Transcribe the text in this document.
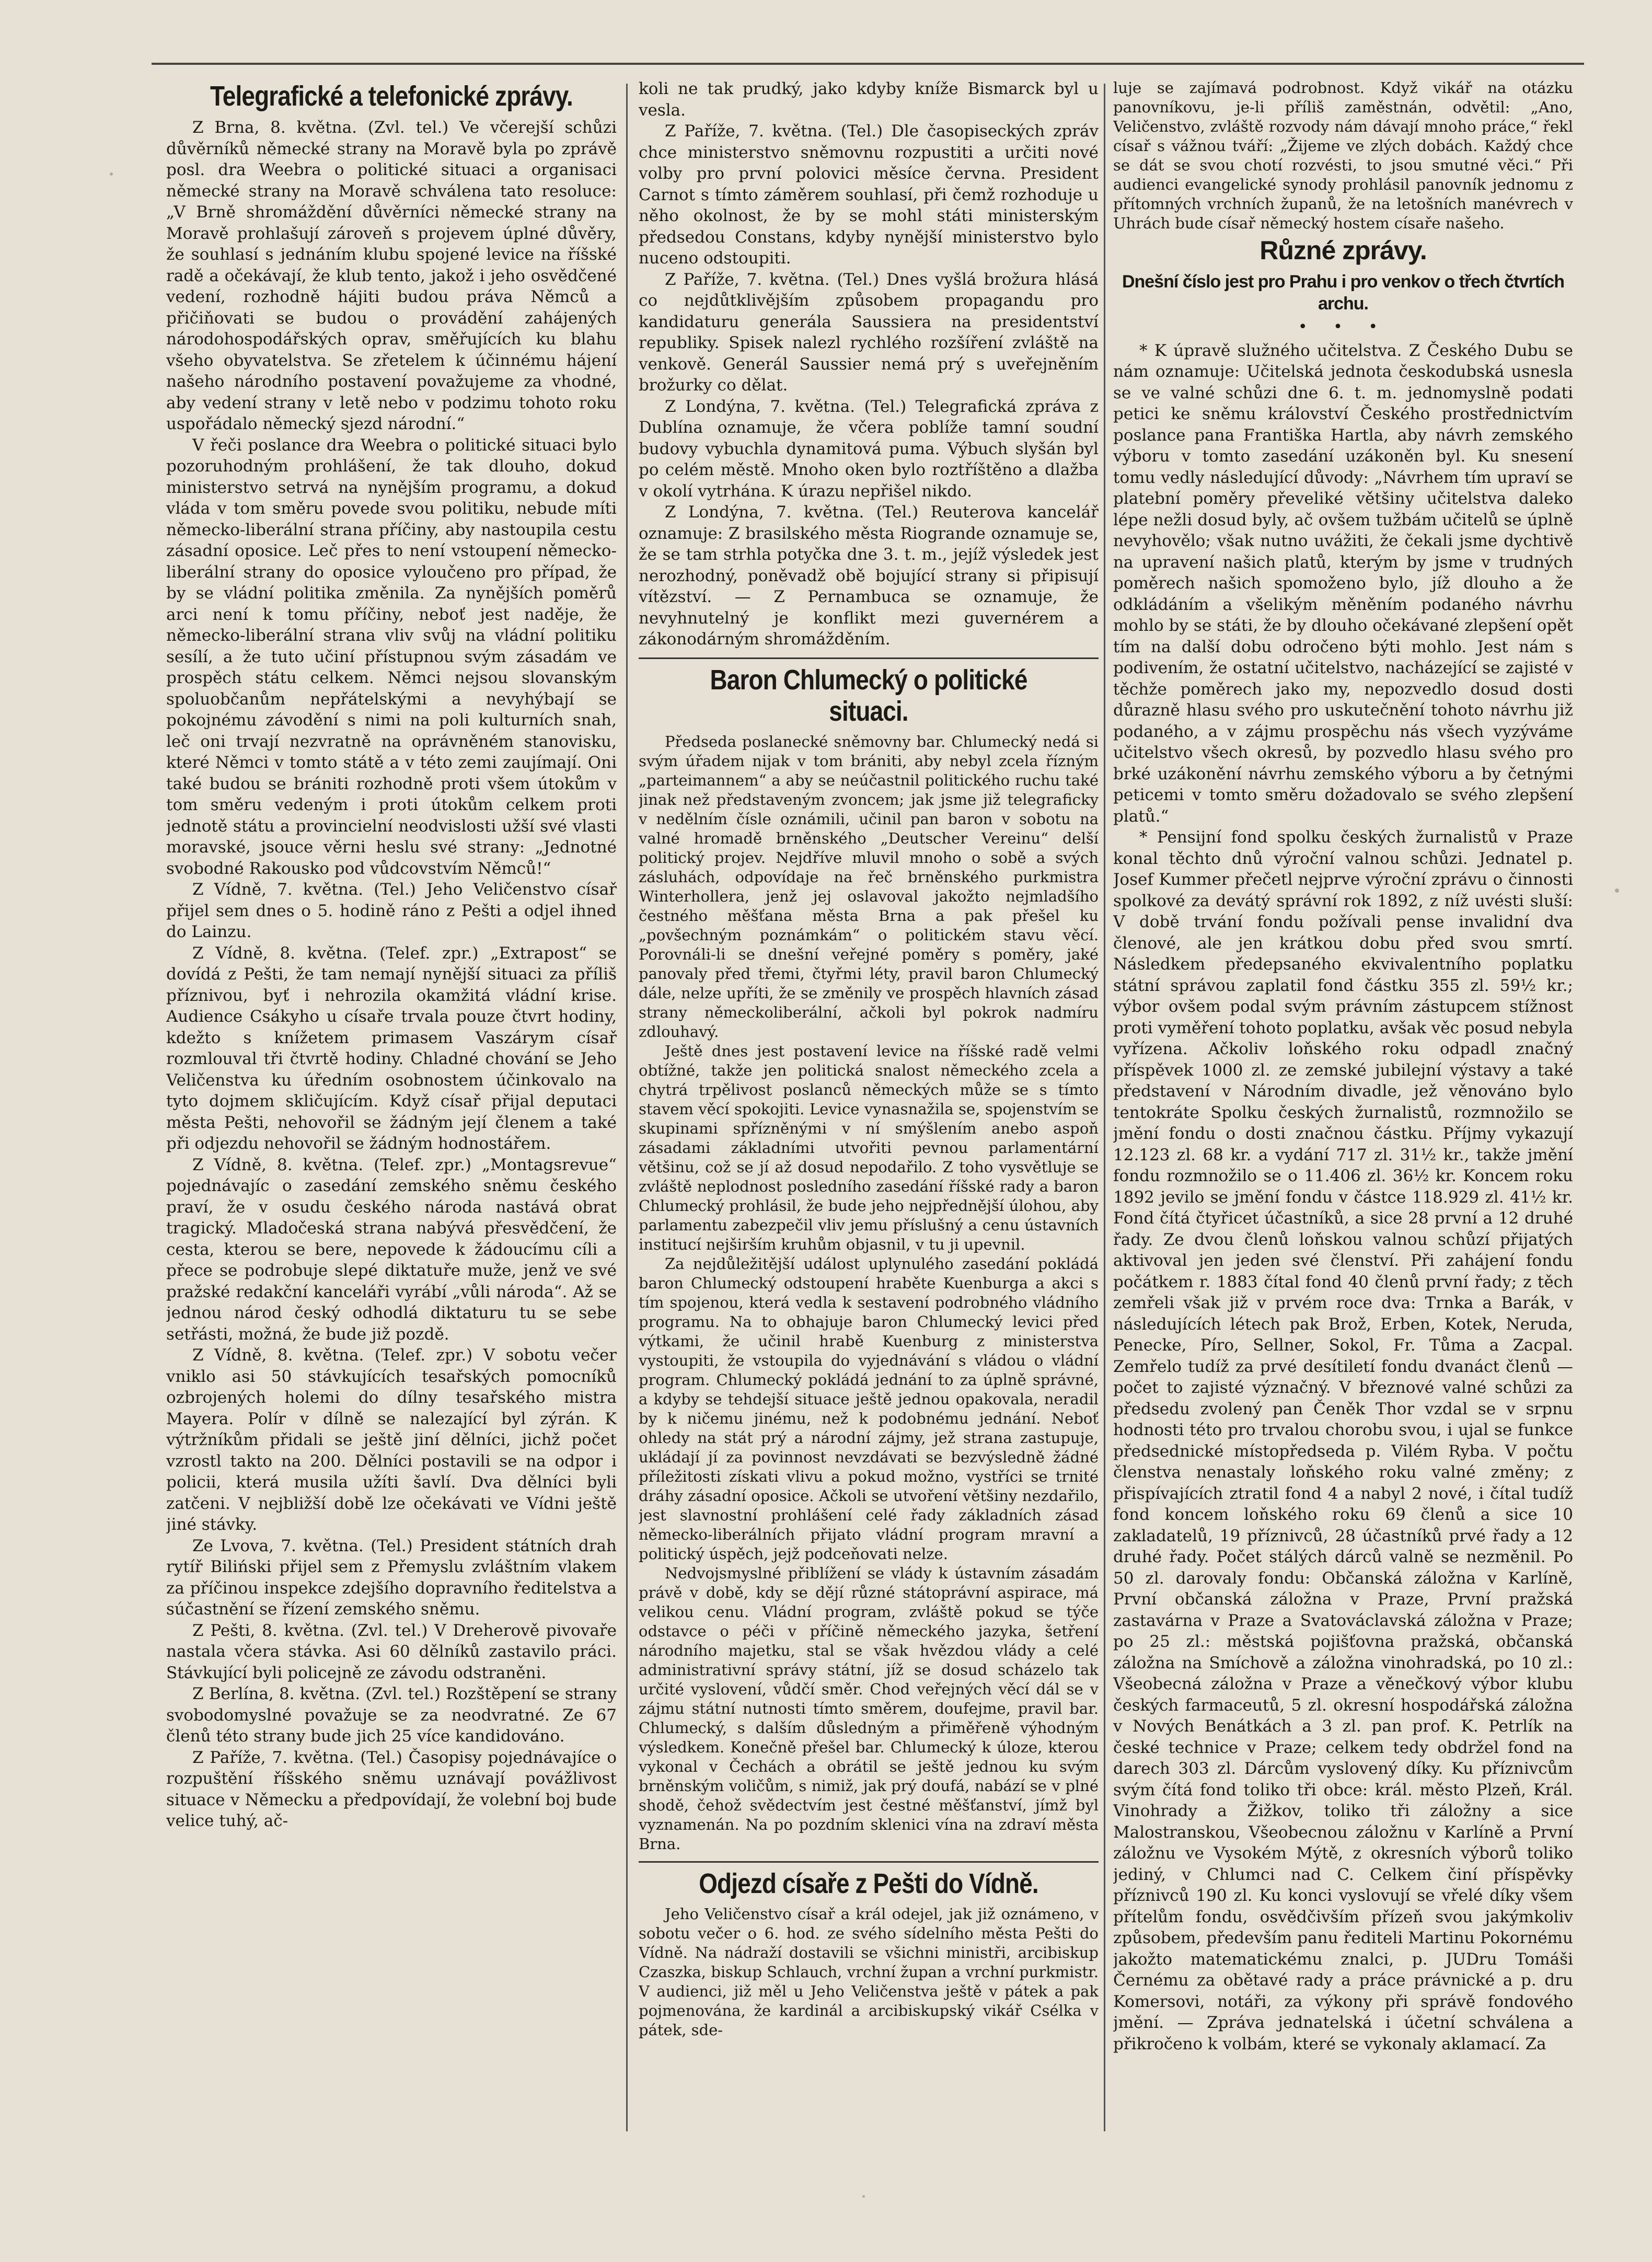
Telegrafické a telefonické zprávy.

Z Brna, 8. května. (Zvl. tel.) Ve včerejší schůzi důvěrníků německé strany na Moravě byla po zprávě posl. dra Weebra o politické situaci a organisaci německé strany na Moravě schválena tato resoluce: „V Brně shromáždění důvěrníci německé strany na Moravě prohlašují zároveň s projevem úplné důvěry, že souhlasí s jednáním klubu spojené levice na říšské radě a očekávají, že klub tento, jakož i jeho osvědčené vedení, rozhodně hájiti budou práva Němců a přičiňovati se budou o provádění zahájených národohospodářských oprav, směřujících ku blahu všeho obyvatelstva. Se zřetelem k účinnému hájení našeho národního postavení považujeme za vhodné, aby vedení strany v letě nebo v podzimu tohoto roku uspořádalo německý sjezd národní.“

V řeči poslance dra Weebra o politické situaci bylo pozoruhodným prohlášení, že tak dlouho, dokud ministerstvo setrvá na nynějším programu, a dokud vláda v tom směru povede svou politiku, nebude míti německo-liberální strana příčiny, aby nastoupila cestu zásadní oposice. Leč přes to není vstoupení německo-liberální strany do oposice vyloučeno pro případ, že by se vládní politika změnila. Za nynějších poměrů arci není k tomu příčiny, neboť jest naděje, že německo-liberální strana vliv svůj na vládní politiku sesílí, a že tuto učiní přístupnou svým zásadám ve prospěch státu celkem. Němci nejsou slovanským spoluobčanům nepřátelskými a nevyhýbají se pokojnému závodění s nimi na poli kulturních snah, leč oni trvají nezvratně na oprávněném stanovisku, které Němci v tomto státě a v této zemi zaujímají. Oni také budou se brániti rozhodně proti všem útokům v tom směru vedeným i proti útokům celkem proti jednotě státu a provincielní neodvislosti užší své vlasti moravské, jsouce věrni heslu své strany: „Jednotné svobodné Rakousko pod vůdcovstvím Němců!“

Z Vídně, 7. května. (Tel.) Jeho Veličenstvo císař přijel sem dnes o 5. hodině ráno z Pešti a odjel ihned do Lainzu.

Z Vídně, 8. května. (Telef. zpr.) „Extrapost“ se dovídá z Pešti, že tam nemají nynější situaci za příliš příznivou, byť i nehrozila okamžitá vládní krise. Audience Csákyho u císaře trvala pouze čtvrt hodiny, kdežto s knížetem primasem Vaszárym císař rozmlouval tři čtvrtě hodiny. Chladné chování se Jeho Veličenstva ku úředním osobnostem účinkovalo na tyto dojmem skličujícím. Když císař přijal deputaci města Pešti, nehovořil se žádným její členem a také při odjezdu nehovořil se žádným hodnostářem.

Z Vídně, 8. května. (Telef. zpr.) „Montagsrevue“ pojednávajíc o zasedání zemského sněmu českého praví, že v osudu českého národa nastává obrat tragický. Mladočeská strana nabývá přesvědčení, že cesta, kterou se bere, nepovede k žádoucímu cíli a přece se podrobuje slepé diktatuře muže, jenž ve své pražské redakční kanceláři vyrábí „vůli národa“. Až se jednou národ český odhodlá diktaturu tu se sebe setřásti, možná, že bude již pozdě.

Z Vídně, 8. května. (Telef. zpr.) V sobotu večer vniklo asi 50 stávkujících tesařských pomocníků ozbrojených holemi do dílny tesařského mistra Mayera. Polír v dílně se nalezající byl zýrán. K výtržníkům přidali se ještě jiní dělníci, jichž počet vzrostl takto na 200. Dělníci postavili se na odpor i policii, která musila užíti šavlí. Dva dělníci byli zatčeni. V nejbližší době lze očekávati ve Vídni ještě jiné stávky.

Ze Lvova, 7. května. (Tel.) President státních drah rytíř Biliński přijel sem z Přemyslu zvláštním vlakem za příčinou inspekce zdejšího dopravního ředitelstva a súčastnění se řízení zemského sněmu.

Z Pešti, 8. května. (Zvl. tel.) V Dreherově pivovaře nastala včera stávka. Asi 60 dělníků zastavilo práci. Stávkující byli policejně ze závodu odstraněni.

Z Berlína, 8. května. (Zvl. tel.) Rozštěpení se strany svobodomyslné považuje se za neodvratné. Ze 67 členů této strany bude jich 25 více kandidováno.

Z Paříže, 7. května. (Tel.) Časopisy pojednávajíce o rozpuštění říšského sněmu uznávají povážlivost situace v Německu a předpovídají, že volební boj bude velice tuhý, ač-

koli ne tak prudký, jako kdyby kníže Bismarck byl u vesla.

Z Paříže, 7. května. (Tel.) Dle časopiseckých zpráv chce ministerstvo sněmovnu rozpustiti a určiti nové volby pro první polovici měsíce června. President Carnot s tímto záměrem souhlasí, při čemž rozhoduje u něho okolnost, že by se mohl státi ministerským předsedou Constans, kdyby nynější ministerstvo bylo nuceno odstoupiti.

Z Paříže, 7. května. (Tel.) Dnes vyšlá brožura hlásá co nejdůtklivějším způsobem propagandu pro kandidaturu generála Saussiera na presidentství republiky. Spisek nalezl rychlého rozšíření zvláště na venkově. Generál Saussier nemá prý s uveřejněním brožurky co dělat.

Z Londýna, 7. května. (Tel.) Telegrafická zpráva z Dublína oznamuje, že včera poblíže tamní soudní budovy vybuchla dynamitová puma. Výbuch slyšán byl po celém městě. Mnoho oken bylo roztříštěno a dlažba v okolí vytrhána. K úrazu nepřišel nikdo.

Z Londýna, 7. května. (Tel.) Reuterova kancelář oznamuje: Z brasilského města Riogrande oznamuje se, že se tam strhla potyčka dne 3. t. m., jejíž výsledek jest nerozhodný, poněvadž obě bojující strany si připisují vítězství. — Z Pernambuca se oznamuje, že nevyhnutelný je konflikt mezi guvernérem a zákonodárným shromážděním.

Baron Chlumecký o politické situaci.

Předseda poslanecké sněmovny bar. Chlumecký nedá si svým úřadem nijak v tom brániti, aby nebyl zcela řízným „parteimannem“ a aby se neúčastnil politického ruchu také jinak než představeným zvoncem; jak jsme již telegraficky v nedělním čísle oznámili, učinil pan baron v sobotu na valné hromadě brněnského „Deutscher Vereinu“ delší politický projev. Nejdříve mluvil mnoho o sobě a svých zásluhách, odpovídaje na řeč brněnského purkmistra Winterhollera, jenž jej oslavoval jakožto nejmladšího čestného měšťana města Brna a pak přešel ku „povšechným poznámkám“ o politickém stavu věcí. Porovnáli-li se dnešní veřejné poměry s poměry, jaké panovaly před třemi, čtyřmi léty, pravil baron Chlumecký dále, nelze upříti, že se změnily ve prospěch hlavních zásad strany německoliberální, ačkoli byl pokrok nadmíru zdlouhavý.

Ještě dnes jest postavení levice na říšské radě velmi obtížné, takže jen politická snalost německého zcela a chytrá trpělivost poslanců německých může se s tímto stavem věcí spokojiti. Levice vynasnažila se, spojenstvím se skupinami spřízněnými v ní smýšlením anebo aspoň zásadami základními utvořiti pevnou parlamentární většinu, což se jí až dosud nepodařilo. Z toho vysvětluje se zvláště neplodnost posledního zasedání říšské rady a baron Chlumecký prohlásil, že bude jeho nejpřednější úlohou, aby parlamentu zabezpečil vliv jemu příslušný a cenu ústavních institucí nejširším kruhům objasnil, v tu ji upevnil.

Za nejdůležitější událost uplynulého zasedání pokládá baron Chlumecký odstoupení hraběte Kuenburga a akci s tím spojenou, která vedla k sestavení podrobného vládního programu. Na to obhajuje baron Chlumecký levici před výtkami, že učinil hrabě Kuenburg z ministerstva vystoupiti, že vstoupila do vyjednávání s vládou o vládní program. Chlumecký pokládá jednání to za úplně správné, a kdyby se tehdejší situace ještě jednou opakovala, neradil by k ničemu jinému, než k podobnému jednání. Neboť ohledy na stát prý a národní zájmy, jež strana zastupuje, ukládají jí za povinnost nevzdávati se bezvýsledně žádné příležitosti získati vlivu a pokud možno, vystříci se trnité dráhy zásadní oposice. Ačkoli se utvoření většiny nezdařilo, jest slavnostní prohlášení celé řady základních zásad německo-liberálních přijato vládní program mravní a politický úspěch, jejž podceňovati nelze.

Nedvojsmyslné přiblížení se vlády k ústavním zásadám právě v době, kdy se dějí různé státoprávní aspirace, má velikou cenu. Vládní program, zvláště pokud se týče odstavce o péči v příčině německého jazyka, šetření národního majetku, stal se však hvězdou vlády a celé administrativní správy státní, jíž se dosud scházelo tak určité vyslovení, vůdčí směr. Chod veřejných věcí dál se v zájmu státní nutnosti tímto směrem, doufejme, pravil bar. Chlumecký, s dalším důsledným a přiměřeně výhodným výsledkem. Konečně přešel bar. Chlumecký k úloze, kterou vykonal v Čechách a obrátil se ještě jednou ku svým brněnským voličům, s nimiž, jak prý doufá, nabází se v plné shodě, čehož svědectvím jest čestné měšťanství, jímž byl vyznamenán. Na po pozdním sklenici vína na zdraví města Brna.

Odjezd císaře z Pešti do Vídně.

Jeho Veličenstvo císař a král odejel, jak již oznámeno, v sobotu večer o 6. hod. ze svého sídelního města Pešti do Vídně. Na nádraží dostavili se všichni ministři, arcibiskup Czaszka, biskup Schlauch, vrchní župan a vrchní purkmistr. V audienci, již měl u Jeho Veličenstva ještě v pátek a pak pojmenována, že kardinál a arcibiskupský vikář Csélka v pátek, sde-

luje se zajímavá podrobnost. Když vikář na otázku panovníkovu, je-li příliš zaměstnán, odvětil: „Ano, Veličenstvo, zvláště rozvody nám dávají mnoho práce,“ řekl císař s vážnou tváří: „Žijeme ve zlých dobách. Každý chce se dát se svou chotí rozvésti, to jsou smutné věci.“ Při audienci evangelické synody prohlásil panovník jednomu z přítomných vrchních županů, že na letošních manévrech v Uhrách bude císař německý hostem císaře našeho.

Různé zprávy.
Dnešní číslo jest pro Prahu i pro venkov o třech čtvrtích archu.
• • •

* K úpravě služného učitelstva. Z Českého Dubu se nám oznamuje: Učitelská jednota českodubská usnesla se ve valné schůzi dne 6. t. m. jednomyslně podati petici ke sněmu království Českého prostřednictvím poslance pana Františka Hartla, aby návrh zemského výboru v tomto zasedání uzákoněn byl. Ku snesení tomu vedly následující důvody: „Návrhem tím upraví se platební poměry převeliké většiny učitelstva daleko lépe nežli dosud byly, ač ovšem tužbám učitelů se úplně nevyhovělo; však nutno uvážiti, že čekali jsme dychtivě na upravení našich platů, kterým by jsme v trudných poměrech našich spomoženo bylo, jíž dlouho a že odkládáním a všelikým měněním podaného návrhu mohlo by se státi, že by dlouho očekávané zlepšení opět tím na další dobu odročeno býti mohlo. Jest nám s podivením, že ostatní učitelstvo, nacházející se zajisté v těchže poměrech jako my, nepozvedlo dosud dosti důrazně hlasu svého pro uskutečnění tohoto návrhu již podaného, a v zájmu prospěchu nás všech vyzýváme učitelstvo všech okresů, by pozvedlo hlasu svého pro brké uzákonění návrhu zemského výboru a by četnými peticemi v tomto směru dožadovalo se svého zlepšení platů.“

* Pensijní fond spolku českých žurnalistů v Praze konal těchto dnů výroční valnou schůzi. Jednatel p. Josef Kummer přečetl nejprve výroční zprávu o činnosti spolkové za devátý správní rok 1892, z níž uvésti sluší: V době trvání fondu požívali pense invalidní dva členové, ale jen krátkou dobu před svou smrtí. Následkem předepsaného ekvivalentního poplatku státní správou zaplatil fond částku 355 zl. 59½ kr.; výbor ovšem podal svým právním zástupcem stížnost proti vyměření tohoto poplatku, avšak věc posud nebyla vyřízena. Ačkoliv loňského roku odpadl značný příspěvek 1000 zl. ze zemské jubilejní výstavy a také představení v Národním divadle, jež věnováno bylo tentokráte Spolku českých žurnalistů, rozmnožilo se jmění fondu o dosti značnou částku. Příjmy vykazují 12.123 zl. 68 kr. a vydání 717 zl. 31½ kr., takže jmění fondu rozmnožilo se o 11.406 zl. 36½ kr. Koncem roku 1892 jevilo se jmění fondu v částce 118.929 zl. 41½ kr. Fond čítá čtyřicet účastníků, a sice 28 první a 12 druhé řady. Ze dvou členů loňskou valnou schůzí přijatých aktivoval jen jeden své členství. Při zahájení fondu počátkem r. 1883 čítal fond 40 členů první řady; z těch zemřeli však již v prvém roce dva: Trnka a Barák, v následujících létech pak Brož, Erben, Kotek, Neruda, Penecke, Píro, Sellner, Sokol, Fr. Tůma a Zacpal. Zemřelo tudíž za prvé desítiletí fondu dvanáct členů — počet to zajisté význačný. V březnové valné schůzi za předsedu zvolený pan Čeněk Thor vzdal se v srpnu hodnosti této pro trvalou chorobu svou, i ujal se funkce předsednické místopředseda p. Vilém Ryba. V počtu členstva nenastaly loňského roku valné změny; z přispívajících ztratil fond 4 a nabyl 2 nové, i čítal tudíž fond koncem loňského roku 69 členů a sice 10 zakladatelů, 19 příznivců, 28 účastníků prvé řady a 12 druhé řady. Počet stálých dárců valně se nezměnil. Po 50 zl. darovaly fondu: Občanská záložna v Karlíně, První občanská záložna v Praze, První pražská zastavárna v Praze a Svatováclavská záložna v Praze; po 25 zl.: městská pojišťovna pražská, občanská záložna na Smíchově a záložna vinohradská, po 10 zl.: Všeobecná záložna v Praze a věnečkový výbor klubu českých farmaceutů, 5 zl. okresní hospodářská záložna v Nových Benátkách a 3 zl. pan prof. K. Petrlík na české technice v Praze; celkem tedy obdržel fond na darech 303 zl. Dárcům vyslovený díky. Ku příznivcům svým čítá fond toliko tři obce: král. město Plzeň, Král. Vinohrady a Žižkov, toliko tři záložny a sice Malostranskou, Všeobecnou záložnu v Karlíně a První záložnu ve Vysokém Mýtě, z okresních výborů toliko jediný, v Chlumci nad C. Celkem činí příspěvky příznivců 190 zl. Ku konci vyslovují se vřelé díky všem přítelům fondu, osvědčivším přízeň svou jakýmkoliv způsobem, především panu řediteli Martinu Pokornému jakožto matematickému znalci, p. JUDru Tomáši Černému za obětavé rady a práce právnické a p. dru Komersovi, notáři, za výkony při správě fondového jmění. — Zpráva jednatelská i účetní schválena a přikročeno k volbám, které se vykonaly aklamací. Za
